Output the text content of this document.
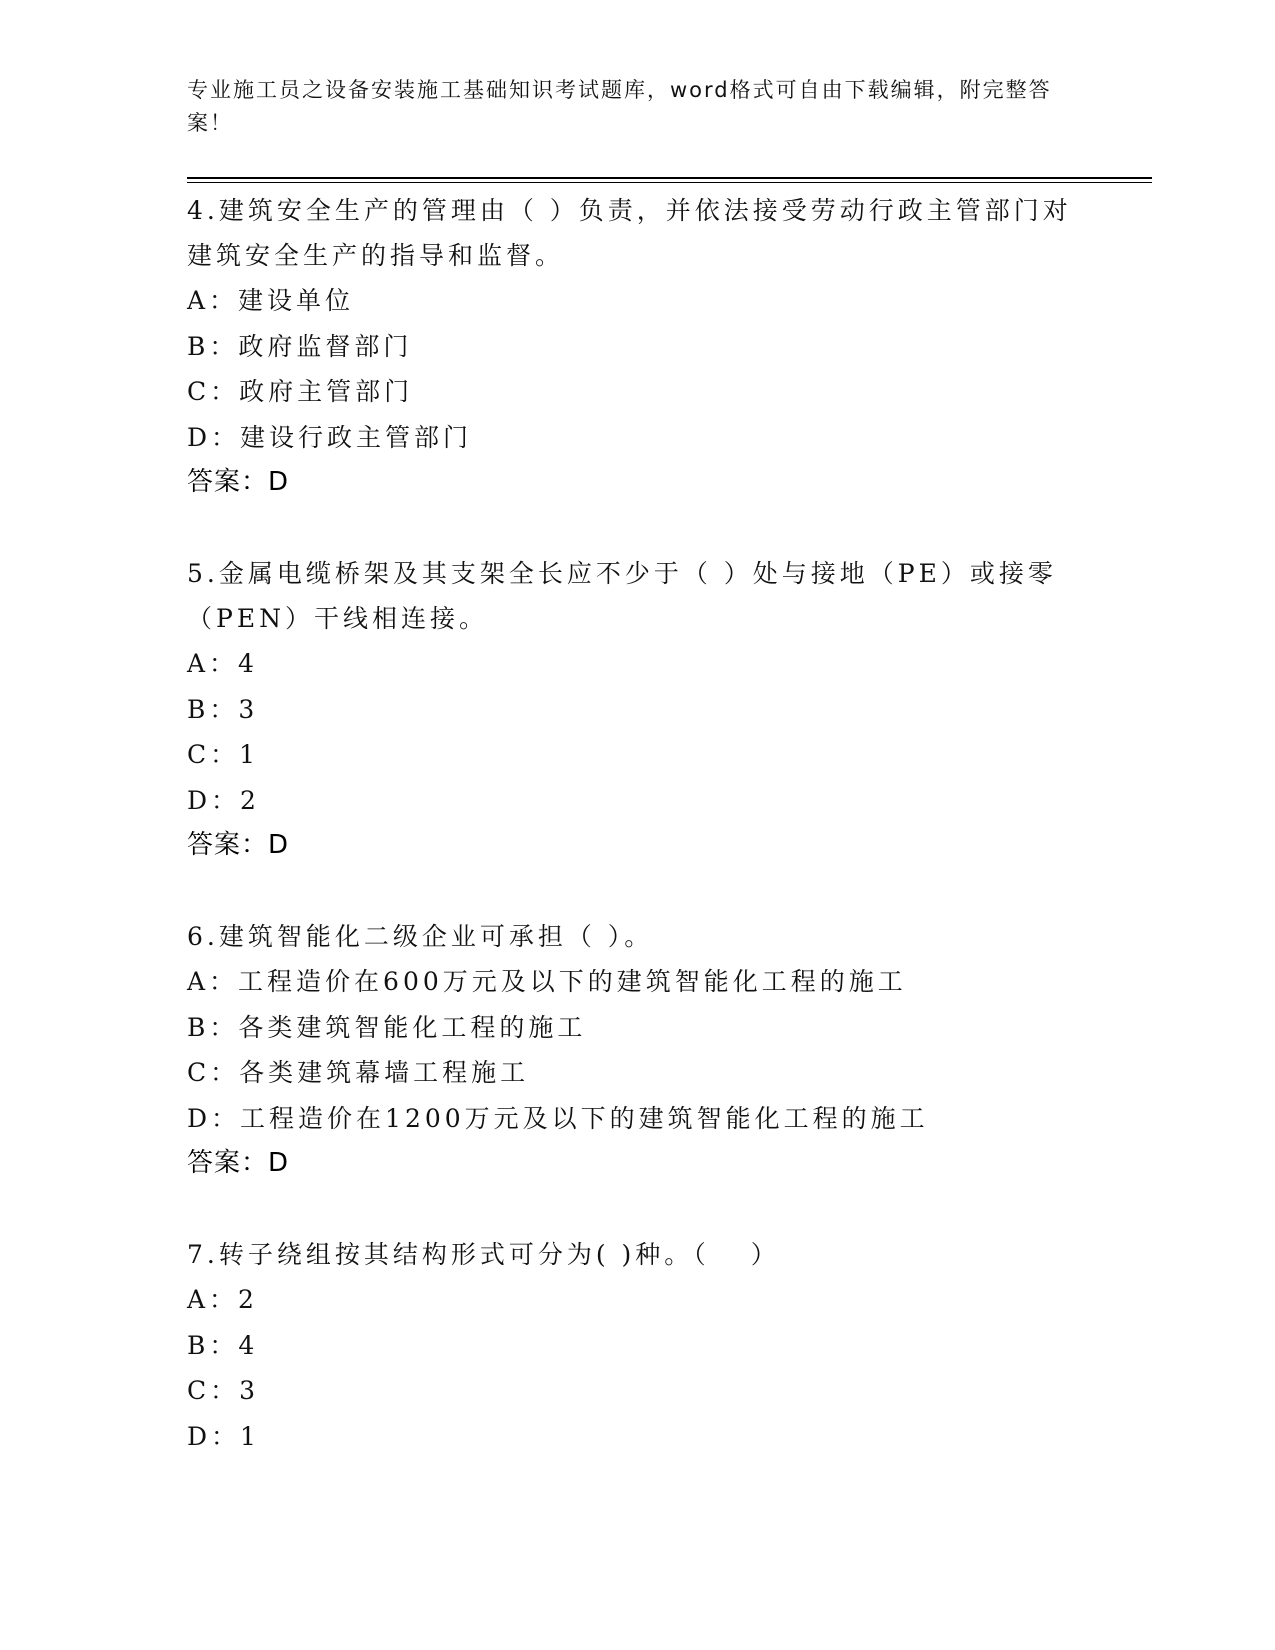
专业施工员之设备安装施工基础知识考试题库，word格式可自由下载编辑，附完整答案！
4.建筑安全生产的管理由（ ）负责，并依法接受劳动行政主管部门对建筑安全生产的指导和监督。
A：建设单位
B：政府监督部门
C：政府主管部门
D：建设行政主管部门
答案：D
5.金属电缆桥架及其支架全长应不少于（ ）处与接地（PE）或接零（PEN）干线相连接。
A：4
B：3
C：1
D：2
答案：D
6.建筑智能化二级企业可承担（ ）。
A：工程造价在600万元及以下的建筑智能化工程的施工
B：各类建筑智能化工程的施工
C：各类建筑幕墙工程施工
D：工程造价在1200万元及以下的建筑智能化工程的施工
答案：D
7.转子绕组按其结构形式可分为( )种。（　 ）
A：2
B：4
C：3
D：1
